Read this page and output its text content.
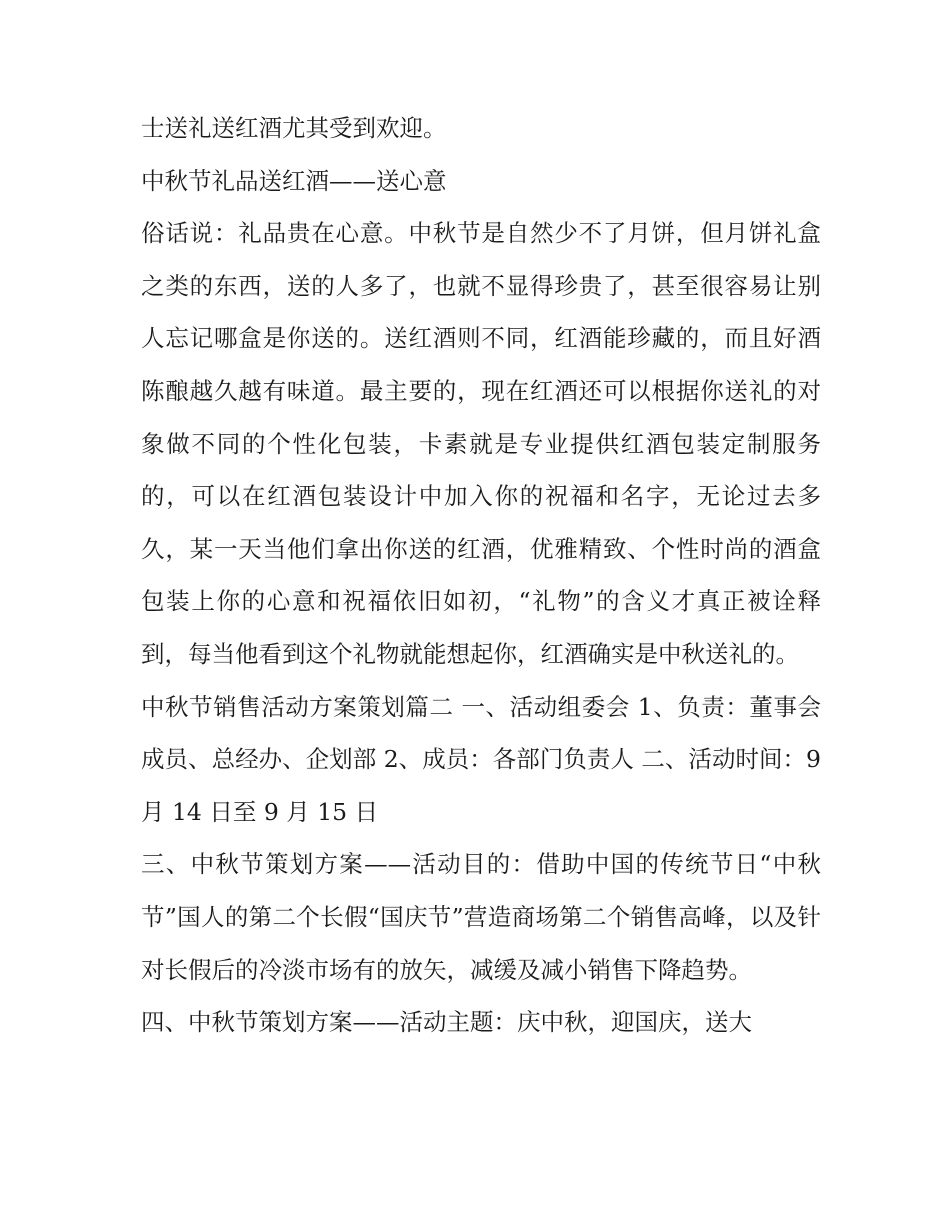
士送礼送红酒尤其受到欢迎。

中秋节礼品送红酒——送心意

俗话说：礼品贵在心意。中秋节是自然少不了月饼，但月饼礼盒之类的东西，送的人多了，也就不显得珍贵了，甚至很容易让别人忘记哪盒是你送的。送红酒则不同，红酒能珍藏的，而且好酒陈酿越久越有味道。最主要的，现在红酒还可以根据你送礼的对象做不同的个性化包装，卡素就是专业提供红酒包装定制服务的，可以在红酒包装设计中加入你的祝福和名字，无论过去多久，某一天当他们拿出你送的红酒，优雅精致、个性时尚的酒盒包装上你的心意和祝福依旧如初，“礼物”的含义才真正被诠释到，每当他看到这个礼物就能想起你，红酒确实是中秋送礼的。

中秋节销售活动方案策划篇二 一、活动组委会 1、负责：董事会成员、总经办、企划部 2、成员：各部门负责人 二、活动时间：9 月 14 日至 9 月 15 日

三、中秋节策划方案——活动目的：借助中国的传统节日“中秋节”国人的第二个长假“国庆节”营造商场第二个销售高峰，以及针对长假后的冷淡市场有的放矢，减缓及减小销售下降趋势。

四、中秋节策划方案——活动主题：庆中秋，迎国庆，送大
